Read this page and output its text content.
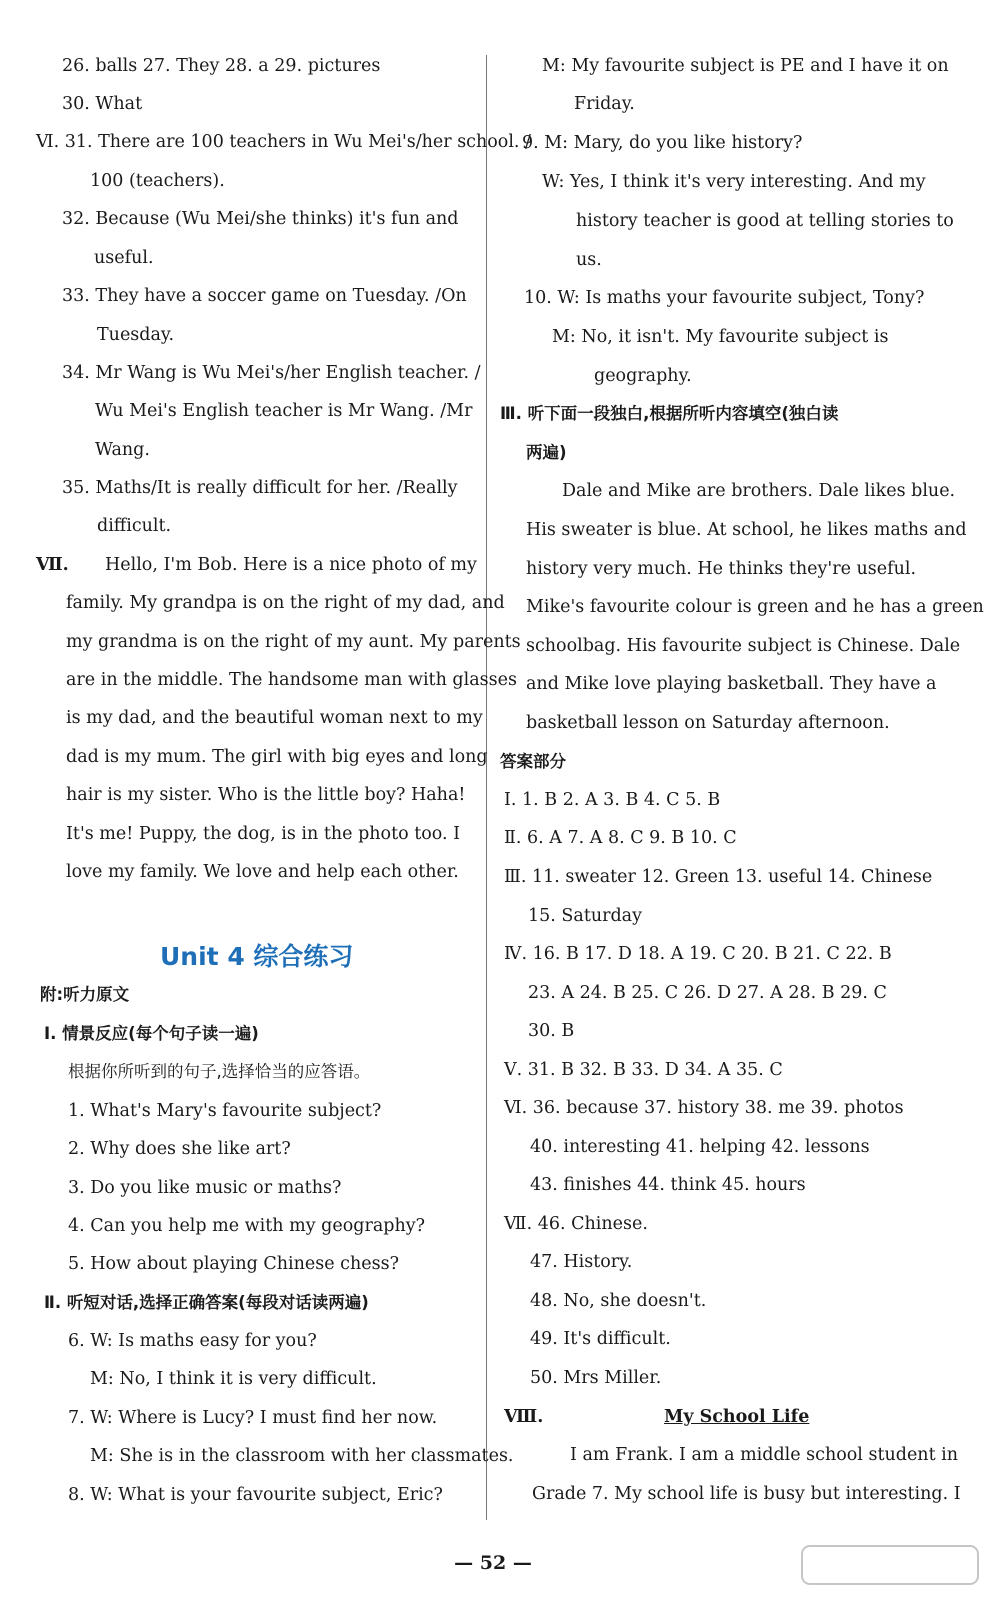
26. balls 27. They 28. a 29. pictures
30. What
Ⅵ. 31. There are 100 teachers in Wu Mei's/her school. /
100 (teachers).
32. Because (Wu Mei/she thinks) it's fun and
useful.
33. They have a soccer game on Tuesday. /On
Tuesday.
34. Mr Wang is Wu Mei's/her English teacher. /
Wu Mei's English teacher is Mr Wang. /Mr
Wang.
35. Maths/It is really difficult for her. /Really
difficult.
Ⅶ. Hello, I'm Bob. Here is a nice photo of my
family. My grandpa is on the right of my dad, and
my grandma is on the right of my aunt. My parents
are in the middle. The handsome man with glasses
is my dad, and the beautiful woman next to my
dad is my mum. The girl with big eyes and long
hair is my sister. Who is the little boy? Haha!
It's me! Puppy, the dog, is in the photo too. I
love my family. We love and help each other.
Unit 4 综合练习
附:听力原文
Ⅰ. 情景反应(每个句子读一遍)
根据你所听到的句子,选择恰当的应答语。
1. What's Mary's favourite subject?
2. Why does she like art?
3. Do you like music or maths?
4. Can you help me with my geography?
5. How about playing Chinese chess?
Ⅱ. 听短对话,选择正确答案(每段对话读两遍)
6. W: Is maths easy for you?
M: No, I think it is very difficult.
7. W: Where is Lucy? I must find her now.
M: She is in the classroom with her classmates.
8. W: What is your favourite subject, Eric?
M: My favourite subject is PE and I have it on
Friday.
9. M: Mary, do you like history?
W: Yes, I think it's very interesting. And my
history teacher is good at telling stories to
us.
10. W: Is maths your favourite subject, Tony?
M: No, it isn't. My favourite subject is
geography.
Ⅲ. 听下面一段独白,根据所听内容填空(独白读
两遍)
Dale and Mike are brothers. Dale likes blue.
His sweater is blue. At school, he likes maths and
history very much. He thinks they're useful.
Mike's favourite colour is green and he has a green
schoolbag. His favourite subject is Chinese. Dale
and Mike love playing basketball. They have a
basketball lesson on Saturday afternoon.
答案部分
Ⅰ. 1. B 2. A 3. B 4. C 5. B
Ⅱ. 6. A 7. A 8. C 9. B 10. C
Ⅲ. 11. sweater 12. Green 13. useful 14. Chinese
15. Saturday
Ⅳ. 16. B 17. D 18. A 19. C 20. B 21. C 22. B
23. A 24. B 25. C 26. D 27. A 28. B 29. C
30. B
Ⅴ. 31. B 32. B 33. D 34. A 35. C
Ⅵ. 36. because 37. history 38. me 39. photos
40. interesting 41. helping 42. lessons
43. finishes 44. think 45. hours
Ⅶ. 46. Chinese.
47. History.
48. No, she doesn't.
49. It's difficult.
50. Mrs Miller.
Ⅷ.	My School Life
I am Frank. I am a middle school student in
Grade 7. My school life is busy but interesting. I
— 52 —
